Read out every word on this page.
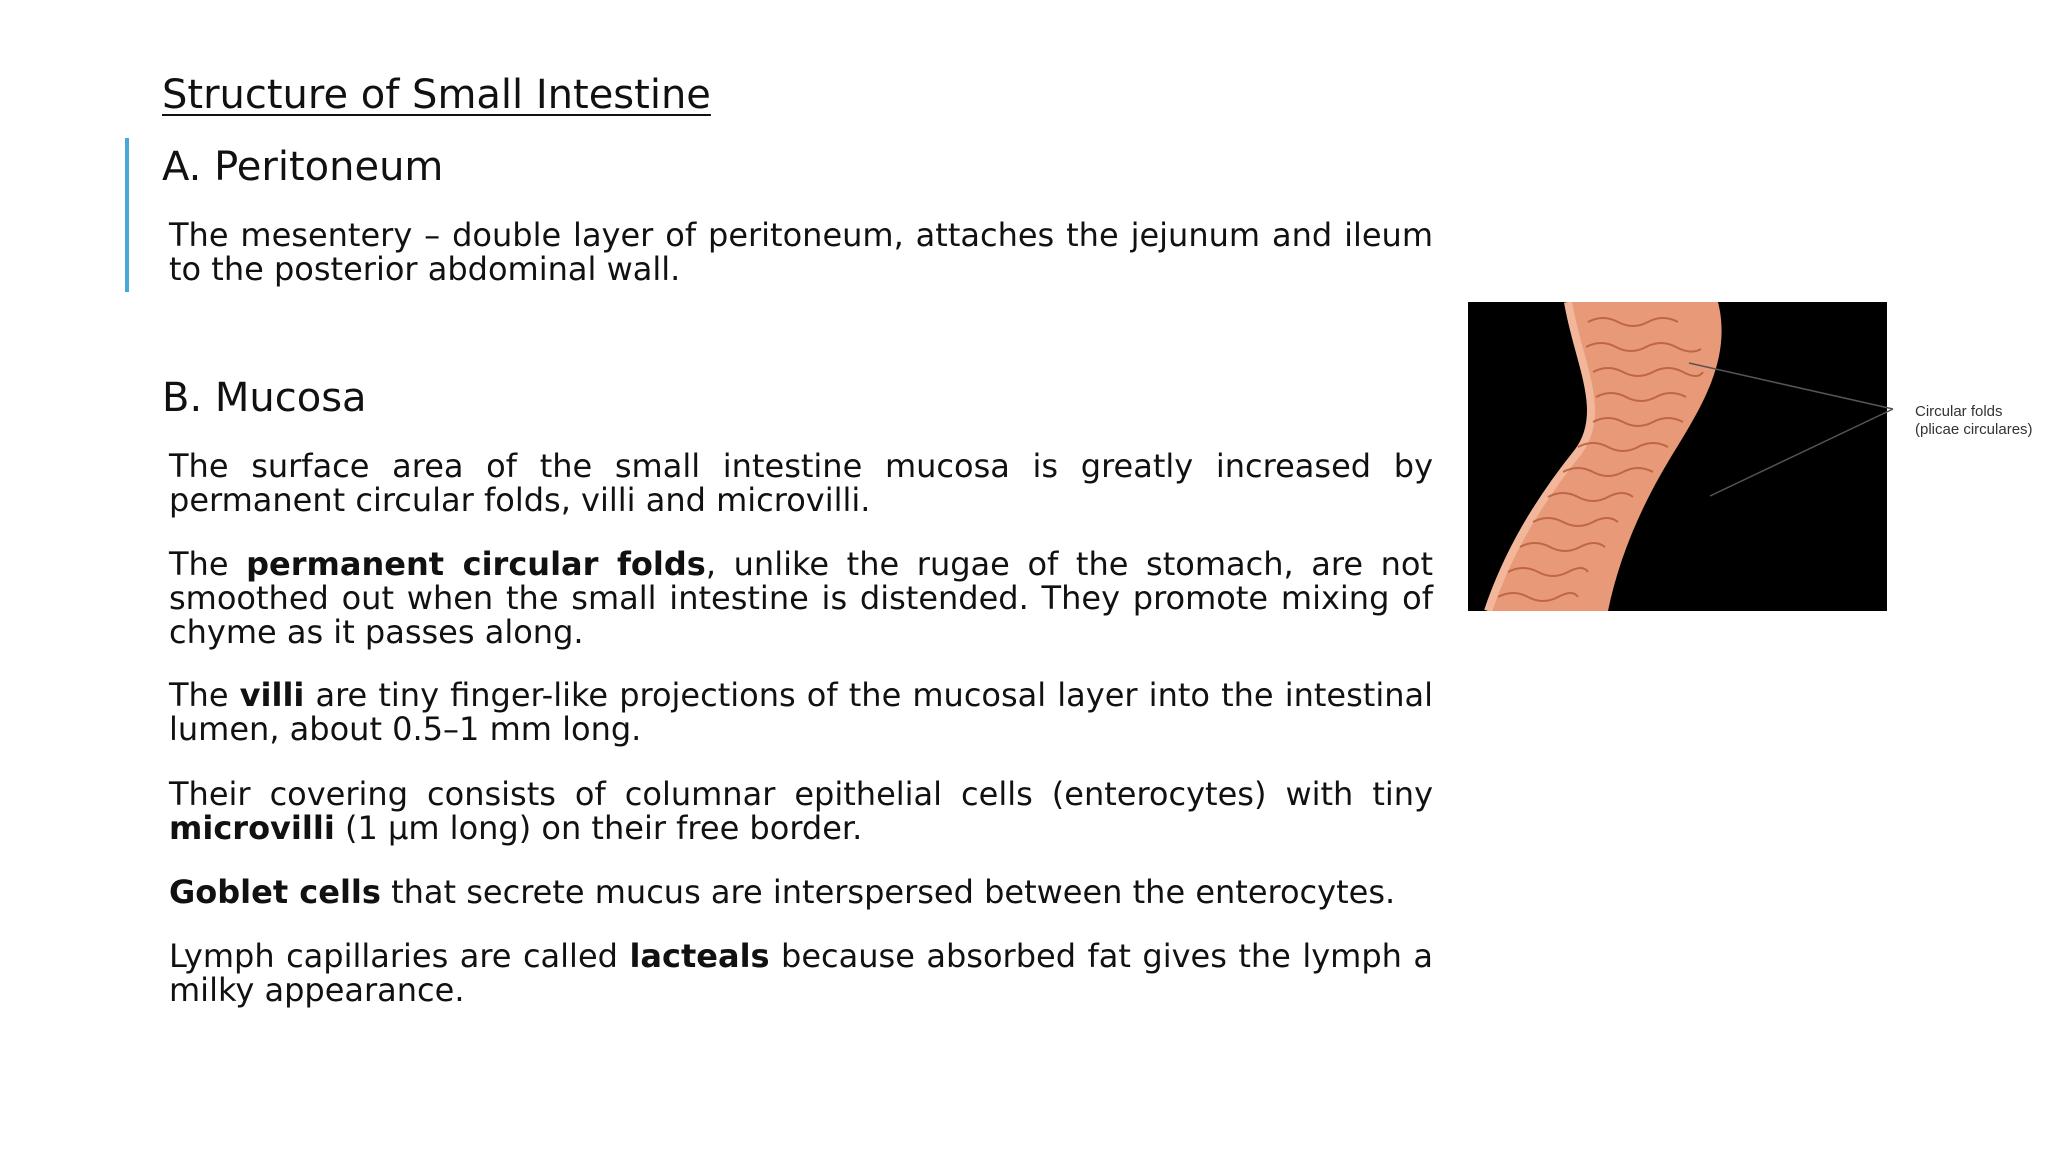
Structure of Small Intestine
A. Peritoneum

The mesentery – double layer of peritoneum, attaches the jejunum and ileum to the posterior abdominal wall.

B. Mucosa

The surface area of the small intestine mucosa is greatly increased by permanent circular folds, villi and microvilli.

The permanent circular folds, unlike the rugae of the stomach, are not smoothed out when the small intestine is distended. They promote mixing of chyme as it passes along.

The villi are tiny finger-like projections of the mucosal layer into the intestinal lumen, about 0.5–1 mm long.

Their covering consists of columnar epithelial cells (enterocytes) with tiny microvilli (1 µm long) on their free border.

Goblet cells that secrete mucus are interspersed between the enterocytes.

Lymph capillaries are called lacteals because absorbed fat gives the lymph a milky appearance.

Circular folds
(plicae circulares)
